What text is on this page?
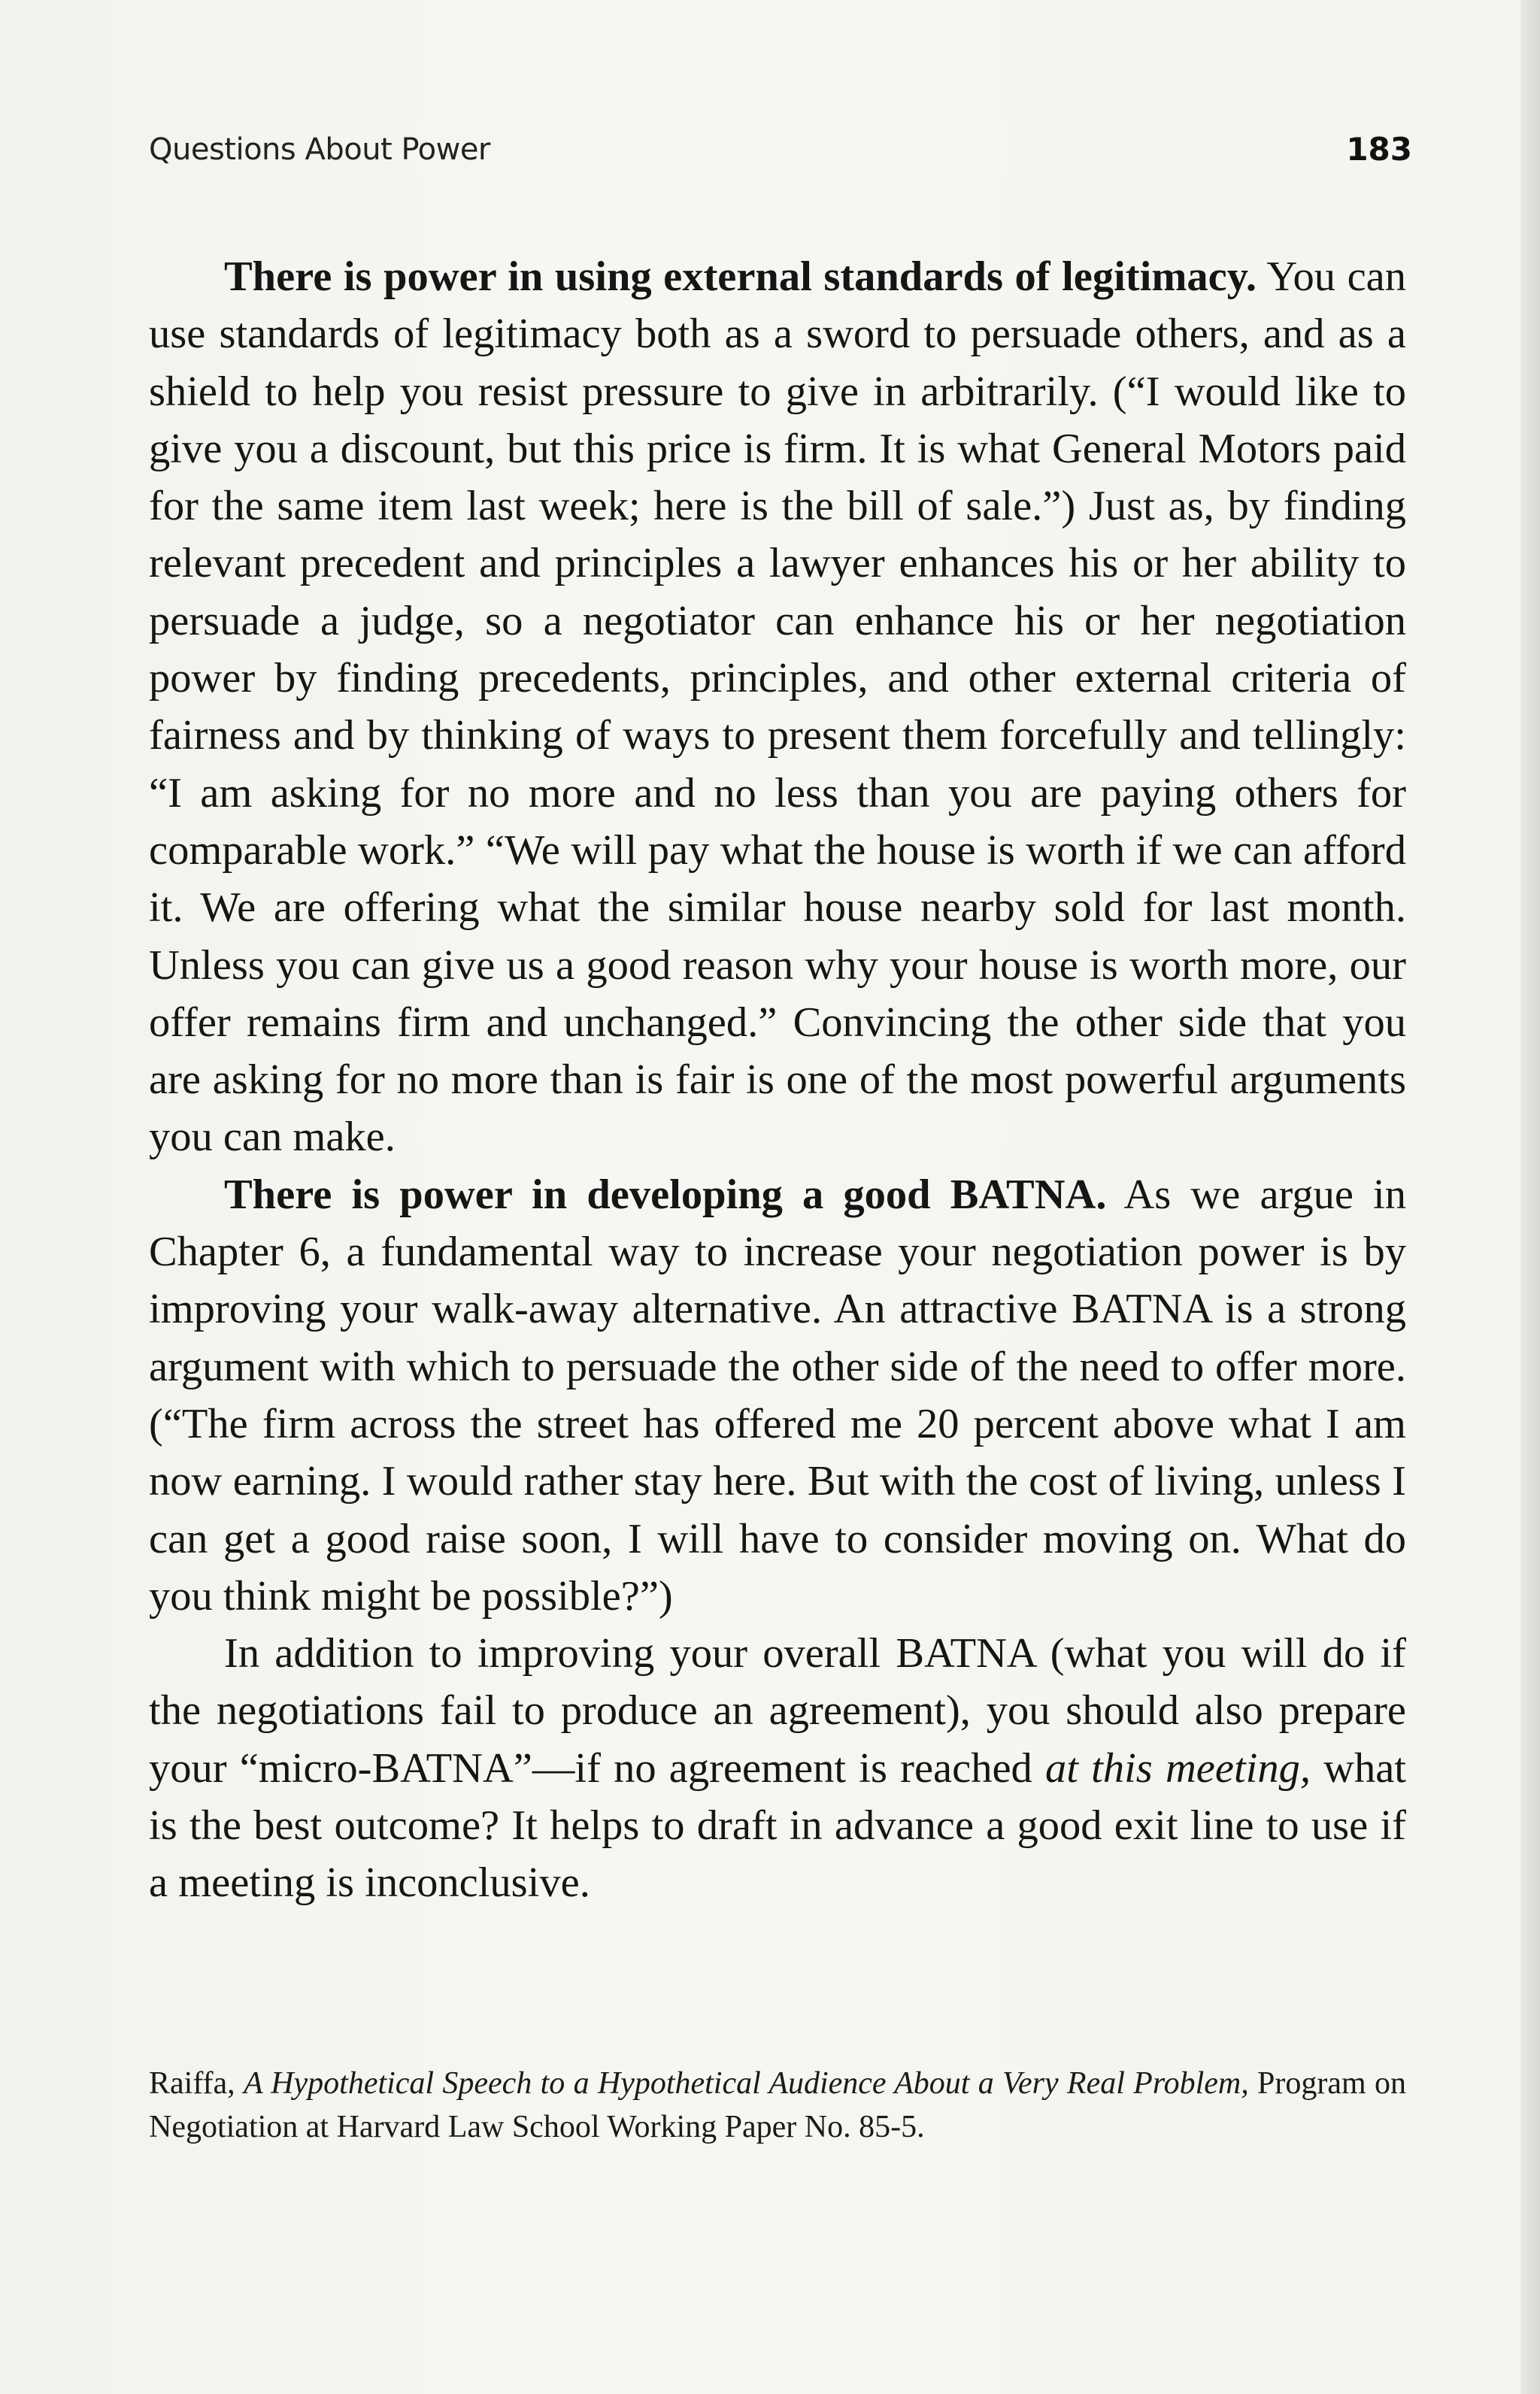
Questions About Power	183

There is power in using external standards of legitimacy. You can use standards of legitimacy both as a sword to persuade others, and as a shield to help you resist pressure to give in arbitrarily. (“I would like to give you a discount, but this price is firm. It is what General Motors paid for the same item last week; here is the bill of sale.”) Just as, by finding relevant precedent and principles a lawyer enhances his or her ability to persuade a judge, so a negotiator can enhance his or her negotiation power by finding precedents, principles, and other external criteria of fairness and by thinking of ways to present them forcefully and tellingly: “I am asking for no more and no less than you are paying others for comparable work.” “We will pay what the house is worth if we can afford it. We are offering what the similar house nearby sold for last month. Unless you can give us a good reason why your house is worth more, our offer remains firm and unchanged.” Convincing the other side that you are asking for no more than is fair is one of the most powerful arguments you can make.

There is power in developing a good BATNA. As we argue in Chapter 6, a fundamental way to increase your negotiation power is by improving your walk-away alternative. An attractive BATNA is a strong argument with which to persuade the other side of the need to offer more. (“The firm across the street has offered me 20 percent above what I am now earning. I would rather stay here. But with the cost of living, unless I can get a good raise soon, I will have to consider moving on. What do you think might be possible?”)

In addition to improving your overall BATNA (what you will do if the negotiations fail to produce an agreement), you should also prepare your “micro-BATNA”—if no agreement is reached at this meeting, what is the best outcome? It helps to draft in advance a good exit line to use if a meeting is inconclusive.

Raiffa, A Hypothetical Speech to a Hypothetical Audience About a Very Real Problem, Program on Negotiation at Harvard Law School Working Paper No. 85-5.
